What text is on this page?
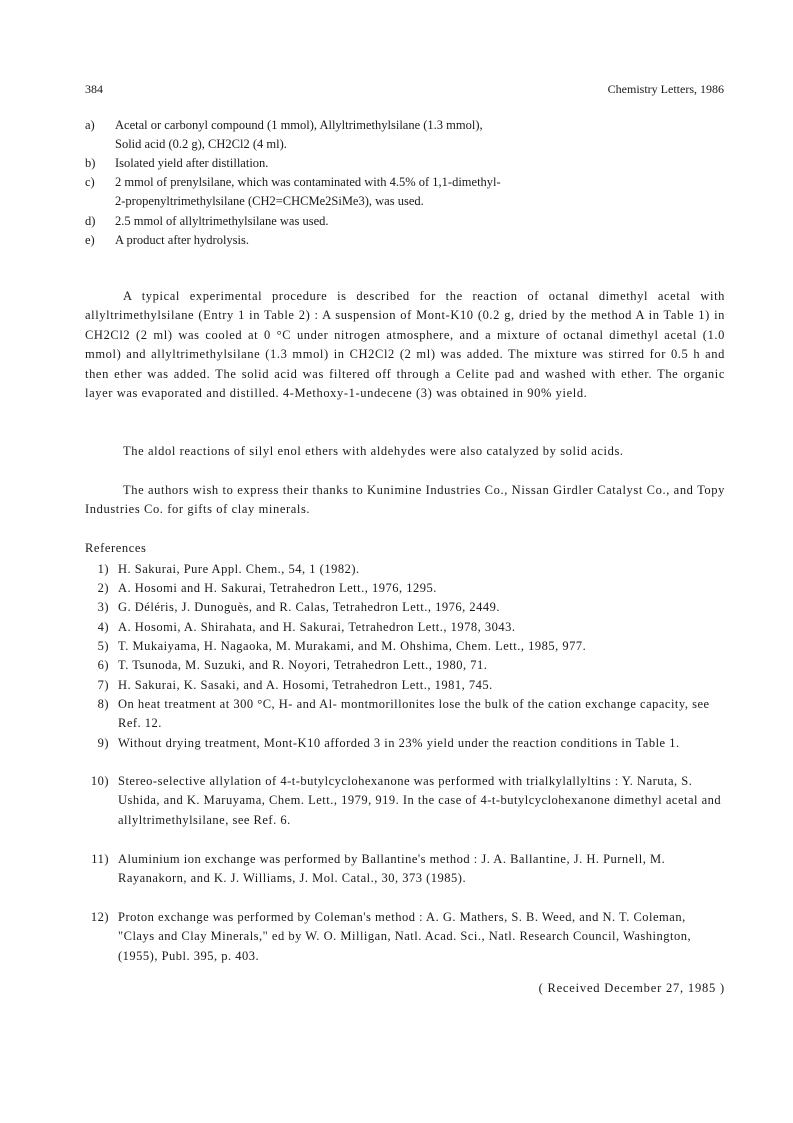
384	Chemistry Letters, 1986
a) Acetal or carbonyl compound (1 mmol), Allyltrimethylsilane (1.3 mmol),
Solid acid (0.2 g), CH2Cl2 (4 ml).
b) Isolated yield after distillation.
c) 2 mmol of prenylsilane, which was contaminated with 4.5% of 1,1-dimethyl-
2-propenyltrimethylsilane (CH2=CHCMe2SiMe3), was used.
d) 2.5 mmol of allyltrimethylsilane was used.
e) A product after hydrolysis.

A typical experimental procedure is described for the reaction of octanal dimethyl acetal with allyltrimethylsilane (Entry 1 in Table 2) : A suspension of Mont-K10 (0.2 g, dried by the method A in Table 1) in CH2Cl2 (2 ml) was cooled at 0 °C under nitrogen atmosphere, and a mixture of octanal dimethyl acetal (1.0 mmol) and allyltrimethylsilane (1.3 mmol) in CH2Cl2 (2 ml) was added. The mixture was stirred for 0.5 h and then ether was added. The solid acid was filtered off through a Celite pad and washed with ether. The organic layer was evaporated and distilled. 4-Methoxy-1-undecene (3) was obtained in 90% yield.

The aldol reactions of silyl enol ethers with aldehydes were also catalyzed by solid acids.

The authors wish to express their thanks to Kunimine Industries Co., Nissan Girdler Catalyst Co., and Topy Industries Co. for gifts of clay minerals.

References
1) H. Sakurai, Pure Appl. Chem., 54, 1 (1982).
2) A. Hosomi and H. Sakurai, Tetrahedron Lett., 1976, 1295.
3) G. Déléris, J. Dunoguès, and R. Calas, Tetrahedron Lett., 1976, 2449.
4) A. Hosomi, A. Shirahata, and H. Sakurai, Tetrahedron Lett., 1978, 3043.
5) T. Mukaiyama, H. Nagaoka, M. Murakami, and M. Ohshima, Chem. Lett., 1985, 977.
6) T. Tsunoda, M. Suzuki, and R. Noyori, Tetrahedron Lett., 1980, 71.
7) H. Sakurai, K. Sasaki, and A. Hosomi, Tetrahedron Lett., 1981, 745.
8) On heat treatment at 300 °C, H- and Al- montmorillonites lose the bulk of the cation exchange capacity, see Ref. 12.
9) Without drying treatment, Mont-K10 afforded 3 in 23% yield under the reaction conditions in Table 1.
10) Stereo-selective allylation of 4-t-butylcyclohexanone was performed with trialkylallyltins : Y. Naruta, S. Ushida, and K. Maruyama, Chem. Lett., 1979, 919. In the case of 4-t-butylcyclohexanone dimethyl acetal and allyltrimethylsilane, see Ref. 6.
11) Aluminium ion exchange was performed by Ballantine's method : J. A. Ballantine, J. H. Purnell, M. Rayanakorn, and K. J. Williams, J. Mol. Catal., 30, 373 (1985).
12) Proton exchange was performed by Coleman's method : A. G. Mathers, S. B. Weed, and N. T. Coleman, "Clays and Clay Minerals," ed by W. O. Milligan, Natl. Acad. Sci., Natl. Research Council, Washington, (1955), Publ. 395, p. 403.
( Received December 27, 1985 )
